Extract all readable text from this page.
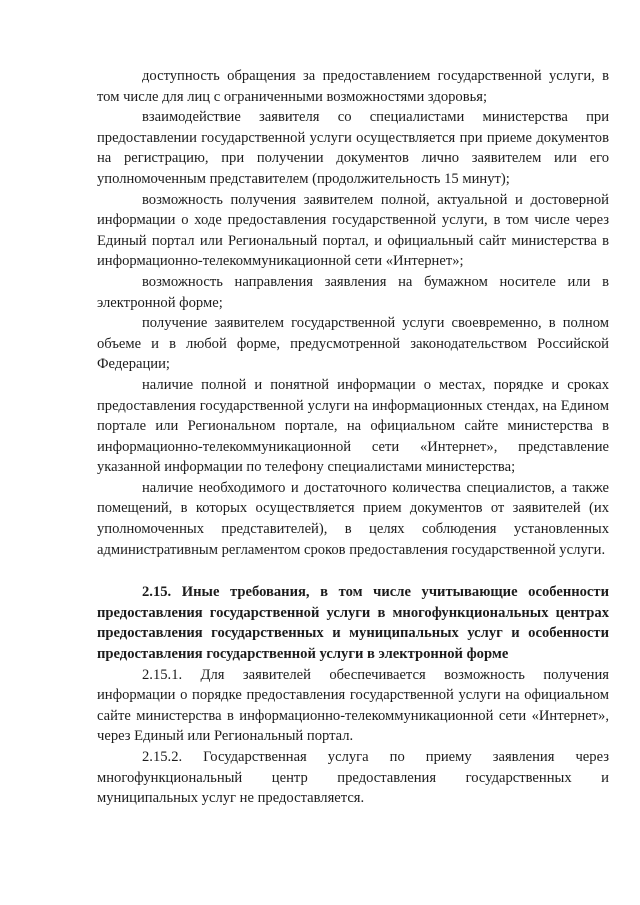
доступность обращения за предоставлением государственной услуги, в том числе для лиц с ограниченными возможностями здоровья;

взаимодействие заявителя со специалистами министерства при предоставлении государственной услуги осуществляется при приеме документов на регистрацию, при получении документов лично заявителем или его уполномоченным представителем (продолжительность 15 минут);

возможность получения заявителем полной, актуальной и достоверной информации о ходе предоставления государственной услуги, в том числе через Единый портал или Региональный портал, и официальный сайт министерства в информационно-телекоммуникационной сети «Интернет»;

возможность направления заявления на бумажном носителе или в электронной форме;

получение заявителем государственной услуги своевременно, в полном объеме и в любой форме, предусмотренной законодательством Российской Федерации;

наличие полной и понятной информации о местах, порядке и сроках предоставления государственной услуги на информационных стендах, на Едином портале или Региональном портале, на официальном сайте министерства в информационно-телекоммуникационной сети «Интернет», представление указанной информации по телефону специалистами министерства;

наличие необходимого и достаточного количества специалистов, а также помещений, в которых осуществляется прием документов от заявителей (их уполномоченных представителей), в целях соблюдения установленных административным регламентом сроков предоставления государственной услуги.

2.15. Иные требования, в том числе учитывающие особенности предоставления государственной услуги в многофункциональных центрах предоставления государственных и муниципальных услуг и особенности предоставления государственной услуги в электронной форме

2.15.1. Для заявителей обеспечивается возможность получения информации о порядке предоставления государственной услуги на официальном сайте министерства в информационно-телекоммуникационной сети «Интернет», через Единый или Региональный портал.

2.15.2. Государственная услуга по приему заявления через многофункциональный центр предоставления государственных и муниципальных услуг не предоставляется.
